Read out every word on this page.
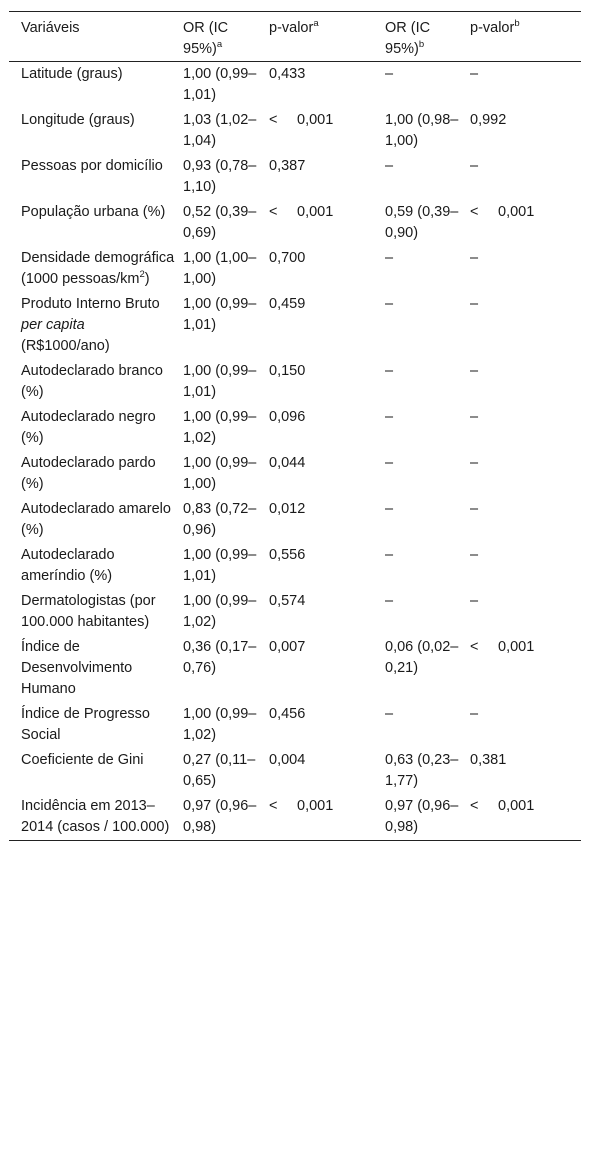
Variáveis	OR (IC 95%)$^a$	p-valor$^a$	OR (IC 95%)$^b$	p-valor$^b$
Latitude (graus)	1,00 (0,99–1,01)	0,433	–	–
Longitude (graus)	1,03 (1,02–1,04)	< 0,001	1,00 (0,98–1,00)	0,992
Pessoas por domicílio	0,93 (0,78–1,10)	0,387	–	–
População urbana (%)	0,52 (0,39–0,69)	< 0,001	0,59 (0,39–0,90)	< 0,001
Densidade demográfica (1000 pessoas/$km^2$)	1,00 (1,00–1,00)	0,700	–	–
Produto Interno Bruto per capita (R$1000/ano)	1,00 (0,99–1,01)	0,459	–	–
Autodeclarado branco (%)	1,00 (0,99–1,01)	0,150	–	–
Autodeclarado negro (%)	1,00 (0,99–1,02)	0,096	–	–
Autodeclarado pardo (%)	1,00 (0,99–1,00)	0,044	–	–
Autodeclarado amarelo (%)	0,83 (0,72–0,96)	0,012	–	–
Autodeclarado ameríndio (%)	1,00 (0,99–1,01)	0,556	–	–
Dermatologistas (por 100.000 habitantes)	1,00 (0,99–1,02)	0,574	–	–
Índice de Desenvolvimento Humano	0,36 (0,17–0,76)	0,007	0,06 (0,02–0,21)	< 0,001
Índice de Progresso Social	1,00 (0,99–1,02)	0,456	–	–
Coeficiente de Gini	0,27 (0,11–0,65)	0,004	0,63 (0,23–1,77)	0,381
Incidência em 2013–2014 (casos / 100.000)	0,97 (0,96–0,98)	< 0,001	0,97 (0,96–0,98)	< 0,001
